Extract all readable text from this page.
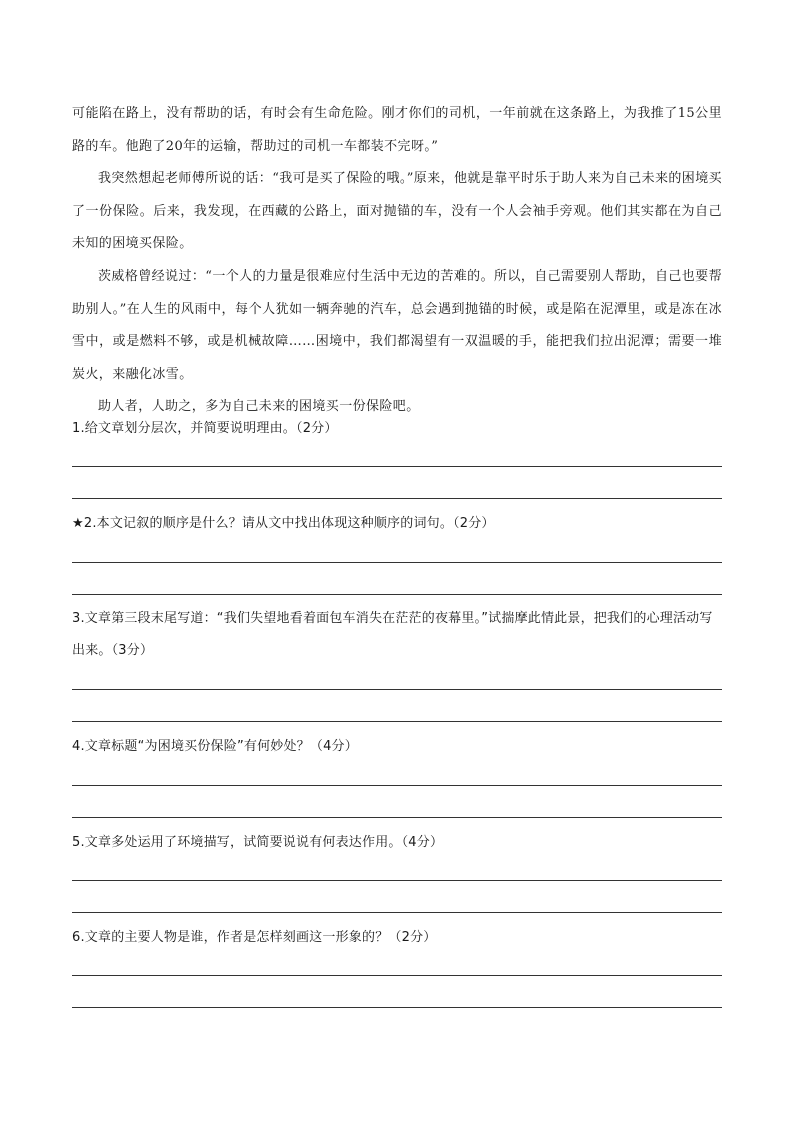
可能陷在路上，没有帮助的话，有时会有生命危险。刚才你们的司机，一年前就在这条路上，为我推了15公里路的车。他跑了20年的运输，帮助过的司机一车都装不完呀。”

我突然想起老师傅所说的话：“我可是买了保险的哦。”原来，他就是靠平时乐于助人来为自己未来的困境买了一份保险。后来，我发现，在西藏的公路上，面对抛锚的车，没有一个人会袖手旁观。他们其实都在为自己未知的困境买保险。

茨威格曾经说过：“一个人的力量是很难应付生活中无边的苦难的。所以，自己需要别人帮助，自己也要帮助别人。”在人生的风雨中，每个人犹如一辆奔驰的汽车，总会遇到抛锚的时候，或是陷在泥潭里，或是冻在冰雪中，或是燃料不够，或是机械故障……困境中，我们都渴望有一双温暖的手，能把我们拉出泥潭；需要一堆炭火，来融化冰雪。

助人者，人助之，多为自己未来的困境买一份保险吧。

1.给文章划分层次，并简要说明理由。（2分）

★2.本文记叙的顺序是什么？请从文中找出体现这种顺序的词句。（2分）

3.文章第三段末尾写道：“我们失望地看着面包车消失在茫茫的夜幕里。”试揣摩此情此景，把我们的心理活动写出来。（3分）

4.文章标题“为困境买份保险”有何妙处？（4分）

5.文章多处运用了环境描写，试简要说说有何表达作用。（4分）

6.文章的主要人物是谁，作者是怎样刻画这一形象的？（2分）
